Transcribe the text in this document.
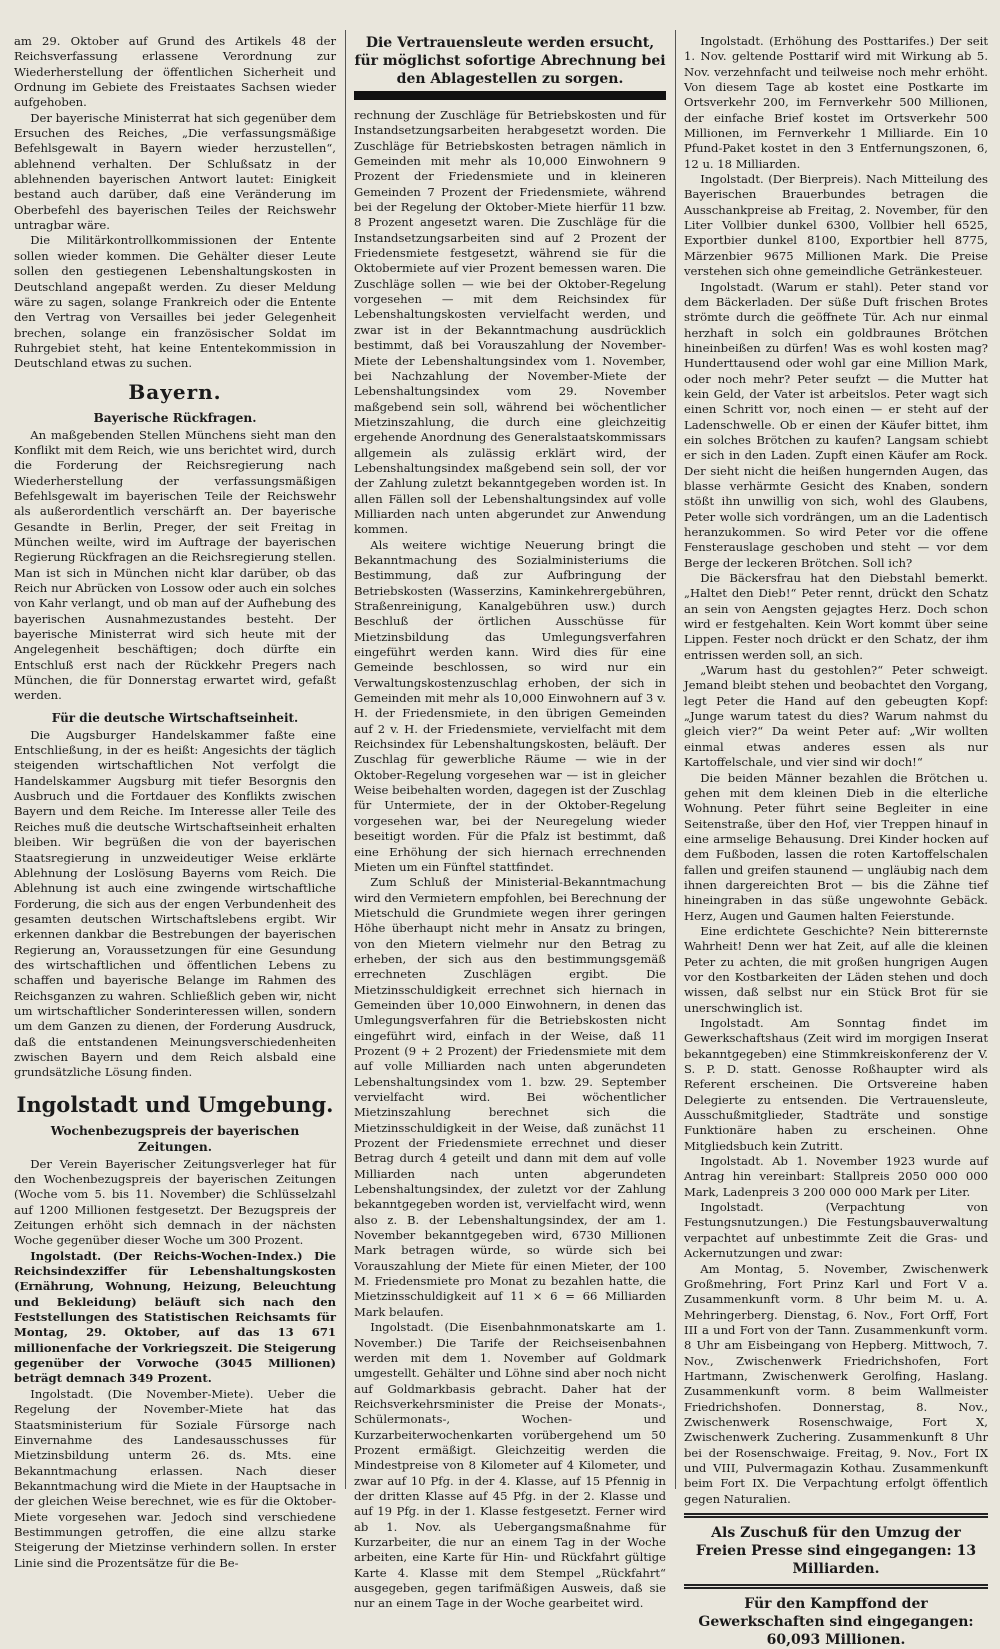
am 29. Oktober auf Grund des Artikels 48 der Reichsverfassung erlassene Verordnung zur Wiederherstellung der öffentlichen Sicherheit und Ordnung im Gebiete des Freistaates Sachsen wieder aufgehoben.

Der bayerische Ministerrat hat sich gegenüber dem Ersuchen des Reiches, „Die verfassungsmäßige Befehlsgewalt in Bayern wieder herzustellen“, ablehnend verhalten. Der Schlußsatz in der ablehnenden bayerischen Antwort lautet: Einigkeit bestand auch darüber, daß eine Veränderung im Oberbefehl des bayerischen Teiles der Reichswehr untragbar wäre.

Die Militärkontrollkommissionen der Entente sollen wieder kommen. Die Gehälter dieser Leute sollen den gestiegenen Lebenshaltungskosten in Deutschland angepaßt werden. Zu dieser Meldung wäre zu sagen, solange Frankreich oder die Entente den Vertrag von Versailles bei jeder Gelegenheit brechen, solange ein französischer Soldat im Ruhrgebiet steht, hat keine Ententekommission in Deutschland etwas zu suchen.

Bayern.
Bayerische Rückfragen.

An maßgebenden Stellen Münchens sieht man den Konflikt mit dem Reich, wie uns berichtet wird, durch die Forderung der Reichsregierung nach Wiederherstellung der verfassungsmäßigen Befehlsgewalt im bayerischen Teile der Reichswehr als außerordentlich verschärft an. Der bayerische Gesandte in Berlin, Preger, der seit Freitag in München weilte, wird im Auftrage der bayerischen Regierung Rückfragen an die Reichsregierung stellen. Man ist sich in München nicht klar darüber, ob das Reich nur Abrücken von Lossow oder auch ein solches von Kahr verlangt, und ob man auf der Aufhebung des bayerischen Ausnahmezustandes besteht. Der bayerische Ministerrat wird sich heute mit der Angelegenheit beschäftigen; doch dürfte ein Entschluß erst nach der Rückkehr Pregers nach München, die für Donnerstag erwartet wird, gefaßt werden.

Für die deutsche Wirtschaftseinheit.

Die Augsburger Handelskammer faßte eine Entschließung, in der es heißt: Angesichts der täglich steigenden wirtschaftlichen Not verfolgt die Handelskammer Augsburg mit tiefer Besorgnis den Ausbruch und die Fortdauer des Konflikts zwischen Bayern und dem Reiche. Im Interesse aller Teile des Reiches muß die deutsche Wirtschaftseinheit erhalten bleiben. Wir begrüßen die von der bayerischen Staatsregierung in unzweideutiger Weise erklärte Ablehnung der Loslösung Bayerns vom Reich. Die Ablehnung ist auch eine zwingende wirtschaftliche Forderung, die sich aus der engen Verbundenheit des gesamten deutschen Wirtschaftslebens ergibt. Wir erkennen dankbar die Bestrebungen der bayerischen Regierung an, Voraussetzungen für eine Gesundung des wirtschaftlichen und öffentlichen Lebens zu schaffen und bayerische Belange im Rahmen des Reichsganzen zu wahren. Schließlich geben wir, nicht um wirtschaftlicher Sonderinteressen willen, sondern um dem Ganzen zu dienen, der Forderung Ausdruck, daß die entstandenen Meinungsverschiedenheiten zwischen Bayern und dem Reich alsbald eine grundsätzliche Lösung finden.

Ingolstadt und Umgebung.
Wochenbezugspreis der bayerischen Zeitungen.

Der Verein Bayerischer Zeitungsverleger hat für den Wochenbezugspreis der bayerischen Zeitungen (Woche vom 5. bis 11. November) die Schlüsselzahl auf 1200 Millionen festgesetzt. Der Bezugspreis der Zeitungen erhöht sich demnach in der nächsten Woche gegenüber dieser Woche um 300 Prozent.

Ingolstadt. (Der Reichs-Wochen-Index.) Die Reichsindexziffer für Lebenshaltungskosten (Ernährung, Wohnung, Heizung, Beleuchtung und Bekleidung) beläuft sich nach den Feststellungen des Statistischen Reichsamts für Montag, 29. Oktober, auf das 13 671 millionenfache der Vorkriegszeit. Die Steigerung gegenüber der Vorwoche (3045 Millionen) beträgt demnach 349 Prozent.

Ingolstadt. (Die November-Miete). Ueber die Regelung der November-Miete hat das Staatsministerium für Soziale Fürsorge nach Einvernahme des Landesausschusses für Mietzinsbildung unterm 26. ds. Mts. eine Bekanntmachung erlassen. Nach dieser Bekanntmachung wird die Miete in der Hauptsache in der gleichen Weise berechnet, wie es für die Oktober-Miete vorgesehen war. Jedoch sind verschiedene Bestimmungen getroffen, die eine allzu starke Steigerung der Mietzinse verhindern sollen. In erster Linie sind die Prozentsätze für die Be-

Die Vertrauensleute werden ersucht, für möglichst sofortige Abrechnung bei den Ablagestellen zu sorgen.

rechnung der Zuschläge für Betriebskosten und für Instandsetzungsarbeiten herabgesetzt worden. Die Zuschläge für Betriebskosten betragen nämlich in Gemeinden mit mehr als 10,000 Einwohnern 9 Prozent der Friedensmiete und in kleineren Gemeinden 7 Prozent der Friedensmiete, während bei der Regelung der Oktober-Miete hierfür 11 bzw. 8 Prozent angesetzt waren. Die Zuschläge für die Instandsetzungsarbeiten sind auf 2 Prozent der Friedensmiete festgesetzt, während sie für die Oktobermiete auf vier Prozent bemessen waren. Die Zuschläge sollen — wie bei der Oktober-Regelung vorgesehen — mit dem Reichsindex für Lebenshaltungskosten vervielfacht werden, und zwar ist in der Bekanntmachung ausdrücklich bestimmt, daß bei Vorauszahlung der November-Miete der Lebenshaltungsindex vom 1. November, bei Nachzahlung der November-Miete der Lebenshaltungsindex vom 29. November maßgebend sein soll, während bei wöchentlicher Mietzinszahlung, die durch eine gleichzeitig ergehende Anordnung des Generalstaatskommissars allgemein als zulässig erklärt wird, der Lebenshaltungsindex maßgebend sein soll, der vor der Zahlung zuletzt bekanntgegeben worden ist. In allen Fällen soll der Lebenshaltungsindex auf volle Milliarden nach unten abgerundet zur Anwendung kommen.

Als weitere wichtige Neuerung bringt die Bekanntmachung des Sozialministeriums die Bestimmung, daß zur Aufbringung der Betriebskosten (Wasserzins, Kaminkehrergebühren, Straßenreinigung, Kanalgebühren usw.) durch Beschluß der örtlichen Ausschüsse für Mietzinsbildung das Umlegungsverfahren eingeführt werden kann. Wird dies für eine Gemeinde beschlossen, so wird nur ein Verwaltungskostenzuschlag erhoben, der sich in Gemeinden mit mehr als 10,000 Einwohnern auf 3 v. H. der Friedensmiete, in den übrigen Gemeinden auf 2 v. H. der Friedensmiete, vervielfacht mit dem Reichsindex für Lebenshaltungskosten, beläuft. Der Zuschlag für gewerbliche Räume — wie in der Oktober-Regelung vorgesehen war — ist in gleicher Weise beibehalten worden, dagegen ist der Zuschlag für Untermiete, der in der Oktober-Regelung vorgesehen war, bei der Neuregelung wieder beseitigt worden. Für die Pfalz ist bestimmt, daß eine Erhöhung der sich hiernach errechnenden Mieten um ein Fünftel stattfindet.

Zum Schluß der Ministerial-Bekanntmachung wird den Vermietern empfohlen, bei Berechnung der Mietschuld die Grundmiete wegen ihrer geringen Höhe überhaupt nicht mehr in Ansatz zu bringen, von den Mietern vielmehr nur den Betrag zu erheben, der sich aus den bestimmungsgemäß errechneten Zuschlägen ergibt. Die Mietzinsschuldigkeit errechnet sich hiernach in Gemeinden über 10,000 Einwohnern, in denen das Umlegungsverfahren für die Betriebskosten nicht eingeführt wird, einfach in der Weise, daß 11 Prozent (9 + 2 Prozent) der Friedensmiete mit dem auf volle Milliarden nach unten abgerundeten Lebenshaltungsindex vom 1. bzw. 29. September vervielfacht wird. Bei wöchentlicher Mietzinszahlung berechnet sich die Mietzinsschuldigkeit in der Weise, daß zunächst 11 Prozent der Friedensmiete errechnet und dieser Betrag durch 4 geteilt und dann mit dem auf volle Milliarden nach unten abgerundeten Lebenshaltungsindex, der zuletzt vor der Zahlung bekanntgegeben worden ist, vervielfacht wird, wenn also z. B. der Lebenshaltungsindex, der am 1. November bekanntgegeben wird, 6730 Millionen Mark betragen würde, so würde sich bei Vorauszahlung der Miete für einen Mieter, der 100 M. Friedensmiete pro Monat zu bezahlen hatte, die Mietzinsschuldigkeit auf 11 × 6 = 66 Milliarden Mark belaufen.

Ingolstadt. (Die Eisenbahnmonatskarte am 1. November.) Die Tarife der Reichseisenbahnen werden mit dem 1. November auf Goldmark umgestellt. Gehälter und Löhne sind aber noch nicht auf Goldmarkbasis gebracht. Daher hat der Reichsverkehrsminister die Preise der Monats-, Schülermonats-, Wochen- und Kurzarbeiterwochenkarten vorübergehend um 50 Prozent ermäßigt. Gleichzeitig werden die Mindestpreise von 8 Kilometer auf 4 Kilometer, und zwar auf 10 Pfg. in der 4. Klasse, auf 15 Pfennig in der dritten Klasse auf 45 Pfg. in der 2. Klasse und auf 19 Pfg. in der 1. Klasse festgesetzt. Ferner wird ab 1. Nov. als Uebergangsmaßnahme für Kurzarbeiter, die nur an einem Tag in der Woche arbeiten, eine Karte für Hin- und Rückfahrt gültige Karte 4. Klasse mit dem Stempel „Rückfahrt“ ausgegeben, gegen tarifmäßigen Ausweis, daß sie nur an einem Tage in der Woche gearbeitet wird.

Ingolstadt. (Erhöhung des Posttarifes.) Der seit 1. Nov. geltende Posttarif wird mit Wirkung ab 5. Nov. verzehnfacht und teilweise noch mehr erhöht. Von diesem Tage ab kostet eine Postkarte im Ortsverkehr 200, im Fernverkehr 500 Millionen, der einfache Brief kostet im Ortsverkehr 500 Millionen, im Fernverkehr 1 Milliarde. Ein 10 Pfund-Paket kostet in den 3 Entfernungszonen, 6, 12 u. 18 Milliarden.

Ingolstadt. (Der Bierpreis). Nach Mitteilung des Bayerischen Brauerbundes betragen die Ausschankpreise ab Freitag, 2. November, für den Liter Vollbier dunkel 6300, Vollbier hell 6525, Exportbier dunkel 8100, Exportbier hell 8775, Märzenbier 9675 Millionen Mark. Die Preise verstehen sich ohne gemeindliche Getränkesteuer.

Ingolstadt. (Warum er stahl). Peter stand vor dem Bäckerladen. Der süße Duft frischen Brotes strömte durch die geöffnete Tür. Ach nur einmal herzhaft in solch ein goldbraunes Brötchen hineinbeißen zu dürfen! Was es wohl kosten mag? Hunderttausend oder wohl gar eine Million Mark, oder noch mehr? Peter seufzt — die Mutter hat kein Geld, der Vater ist arbeitslos. Peter wagt sich einen Schritt vor, noch einen — er steht auf der Ladenschwelle. Ob er einen der Käufer bittet, ihm ein solches Brötchen zu kaufen? Langsam schiebt er sich in den Laden. Zupft einen Käufer am Rock. Der sieht nicht die heißen hungernden Augen, das blasse verhärmte Gesicht des Knaben, sondern stößt ihn unwillig von sich, wohl des Glaubens, Peter wolle sich vordrängen, um an die Ladentisch heranzukommen. So wird Peter vor die offene Fensterauslage geschoben und steht — vor dem Berge der leckeren Brötchen. Soll ich?

Die Bäckersfrau hat den Diebstahl bemerkt. „Haltet den Dieb!“ Peter rennt, drückt den Schatz an sein von Aengsten gejagtes Herz. Doch schon wird er festgehalten. Kein Wort kommt über seine Lippen. Fester noch drückt er den Schatz, der ihm entrissen werden soll, an sich.

„Warum hast du gestohlen?“ Peter schweigt. Jemand bleibt stehen und beobachtet den Vorgang, legt Peter die Hand auf den gebeugten Kopf: „Junge warum tatest du dies? Warum nahmst du gleich vier?“ Da weint Peter auf: „Wir wollten einmal etwas anderes essen als nur Kartoffelschale, und vier sind wir doch!“

Die beiden Männer bezahlen die Brötchen u. gehen mit dem kleinen Dieb in die elterliche Wohnung. Peter führt seine Begleiter in eine Seitenstraße, über den Hof, vier Treppen hinauf in eine armselige Behausung. Drei Kinder hocken auf dem Fußboden, lassen die roten Kartoffelschalen fallen und greifen staunend — ungläubig nach dem ihnen dargereichten Brot — bis die Zähne tief hineingraben in das süße ungewohnte Gebäck. Herz, Augen und Gaumen halten Feierstunde.

Eine erdichtete Geschichte? Nein bitterernste Wahrheit! Denn wer hat Zeit, auf alle die kleinen Peter zu achten, die mit großen hungrigen Augen vor den Kostbarkeiten der Läden stehen und doch wissen, daß selbst nur ein Stück Brot für sie unerschwinglich ist.

Ingolstadt. Am Sonntag findet im Gewerkschaftshaus (Zeit wird im morgigen Inserat bekanntgegeben) eine Stimmkreiskonferenz der V. S. P. D. statt. Genosse Roßhaupter wird als Referent erscheinen. Die Ortsvereine haben Delegierte zu entsenden. Die Vertrauensleute, Ausschußmitglieder, Stadträte und sonstige Funktionäre haben zu erscheinen. Ohne Mitgliedsbuch kein Zutritt.

Ingolstadt. Ab 1. November 1923 wurde auf Antrag hin vereinbart: Stallpreis 2050 000 000 Mark, Ladenpreis 3 200 000 000 Mark per Liter.

Ingolstadt. (Verpachtung von Festungsnutzungen.) Die Festungsbauverwaltung verpachtet auf unbestimmte Zeit die Gras- und Ackernutzungen und zwar:

Am Montag, 5. November, Zwischenwerk Großmehring, Fort Prinz Karl und Fort V a. Zusammenkunft vorm. 8 Uhr beim M. u. A. Mehringerberg. Dienstag, 6. Nov., Fort Orff, Fort III a und Fort von der Tann. Zusammenkunft vorm. 8 Uhr am Eisbeingang von Hepberg. Mittwoch, 7. Nov., Zwischenwerk Friedrichshofen, Fort Hartmann, Zwischenwerk Gerolfing, Haslang. Zusammenkunft vorm. 8 beim Wallmeister Friedrichshofen. Donnerstag, 8. Nov., Zwischenwerk Rosenschwaige, Fort X, Zwischenwerk Zuchering. Zusammenkunft 8 Uhr bei der Rosenschwaige. Freitag, 9. Nov., Fort IX und VIII, Pulvermagazin Kothau. Zusammenkunft beim Fort IX. Die Verpachtung erfolgt öffentlich gegen Naturalien.

Als Zuschuß für den Umzug der Freien Presse sind eingegangen: 13 Milliarden.
Für den Kampffond der Gewerkschaften sind eingegangen: 60,093 Millionen.
